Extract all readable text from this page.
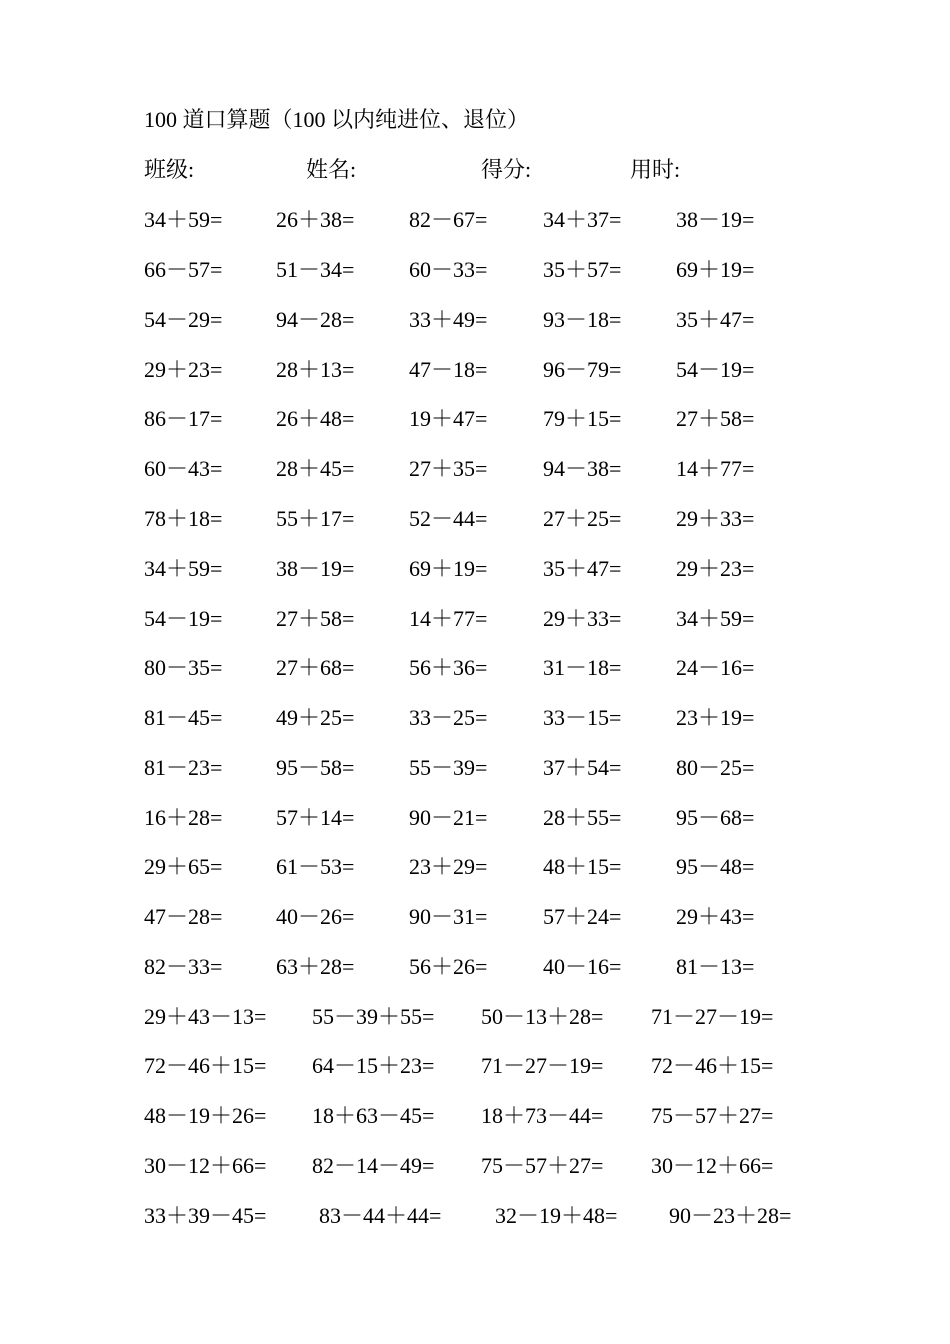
100 道口算题（100 以内纯进位、退位）
班级:	姓名:	得分:	用时:
34＋59= 26＋38= 82－67=	34＋37= 38－19=
66－57= 51－34= 60－33=	35＋57= 69＋19=
54－29= 94－28= 33＋49=	93－18= 35＋47=
29＋23= 28＋13= 47－18=	96－79= 54－19=
86－17= 26＋48= 19＋47=	79＋15= 27＋58=
60－43= 28＋45= 27＋35=	94－38= 14＋77=
78＋18= 55＋17= 52－44=	27＋25= 29＋33=
34＋59= 38－19= 69＋19=	35＋47= 29＋23=
54－19= 27＋58= 14＋77=	29＋33= 34＋59=
80－35= 27＋68= 56＋36=	31－18= 24－16=
81－45= 49＋25= 33－25=	33－15= 23＋19=
81－23= 95－58= 55－39=	37＋54= 80－25=
16＋28= 57＋14= 90－21=	28＋55= 95－68=
29＋65= 61－53= 23＋29=	48＋15= 95－48=
47－28= 40－26= 90－31=	57＋24= 29＋43=
82－33= 63＋28= 56＋26=	40－16= 81－13=
29＋43－13= 55－39＋55= 50－13＋28= 71－27－19=
72－46＋15= 64－15＋23= 71－27－19= 72－46＋15=
48－19＋26= 18＋63－45= 18＋73－44= 75－57＋27=
30－12＋66= 82－14－49= 75－57＋27= 30－12＋66=
33＋39－45= 83－44＋44= 32－19＋48= 90－23＋28=
